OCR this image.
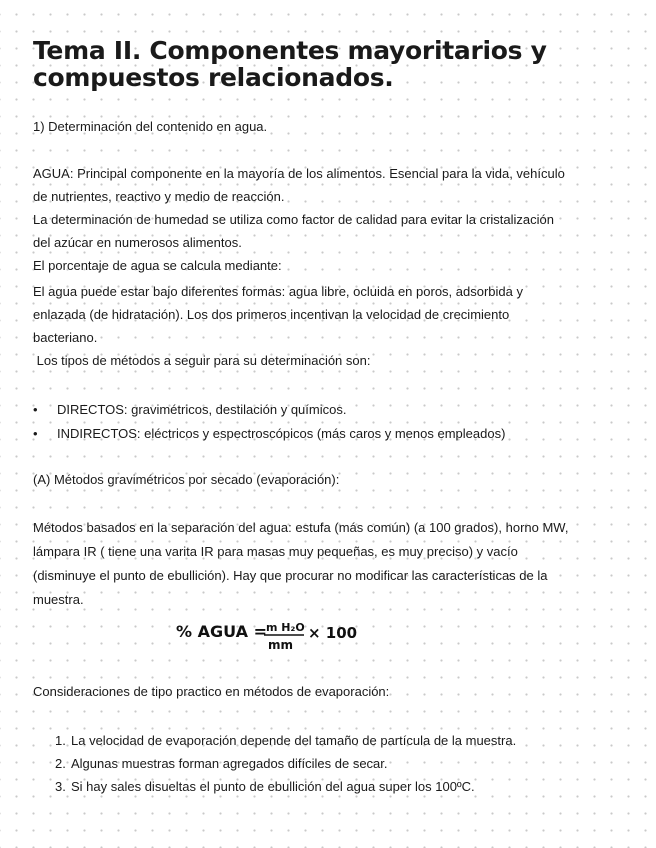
Tema II. Componentes mayoritarios y
compuestos relacionados.

1) Determinación del contenido en agua.

AGUA: Principal componente en la mayoría de los alimentos. Esencial para la vida, vehículo

de nutrientes, reactivo y medio de reacción.

La determinación de humedad se utiliza como factor de calidad para evitar la cristalización

del azúcar en numerosos alimentos.

El porcentaje de agua se calcula mediante:

El agua puede estar bajo diferentes formas: agua libre, ocluida en poros, adsorbida y

enlazada (de hidratación). Los dos primeros incentivan la velocidad de crecimiento

bacteriano.

Los tipos de métodos a seguir para su determinación son:

• DIRECTOS: gravimétricos, destilación y químicos.

• INDIRECTOS: eléctricos y espectroscópicos (más caros y menos empleados)

(A) Métodos gravimétricos por secado (evaporación):

Métodos basados en la separación del agua: estufa (más común) (a 100 grados), horno MW,

lámpara IR ( tiene una varita IR para masas muy pequeñas, es muy preciso) y vacío

(disminuye el punto de ebullición). Hay que procurar no modificar las características de la

muestra.

% AGUA = m H₂O
mm
× 100

Consideraciones de tipo practico en métodos de evaporación:

1. La velocidad de evaporación depende del tamaño de partícula de la muestra.

2. Algunas muestras forman agregados difíciles de secar.

3. Si hay sales disueltas el punto de ebullición del agua super los 100ºC.
